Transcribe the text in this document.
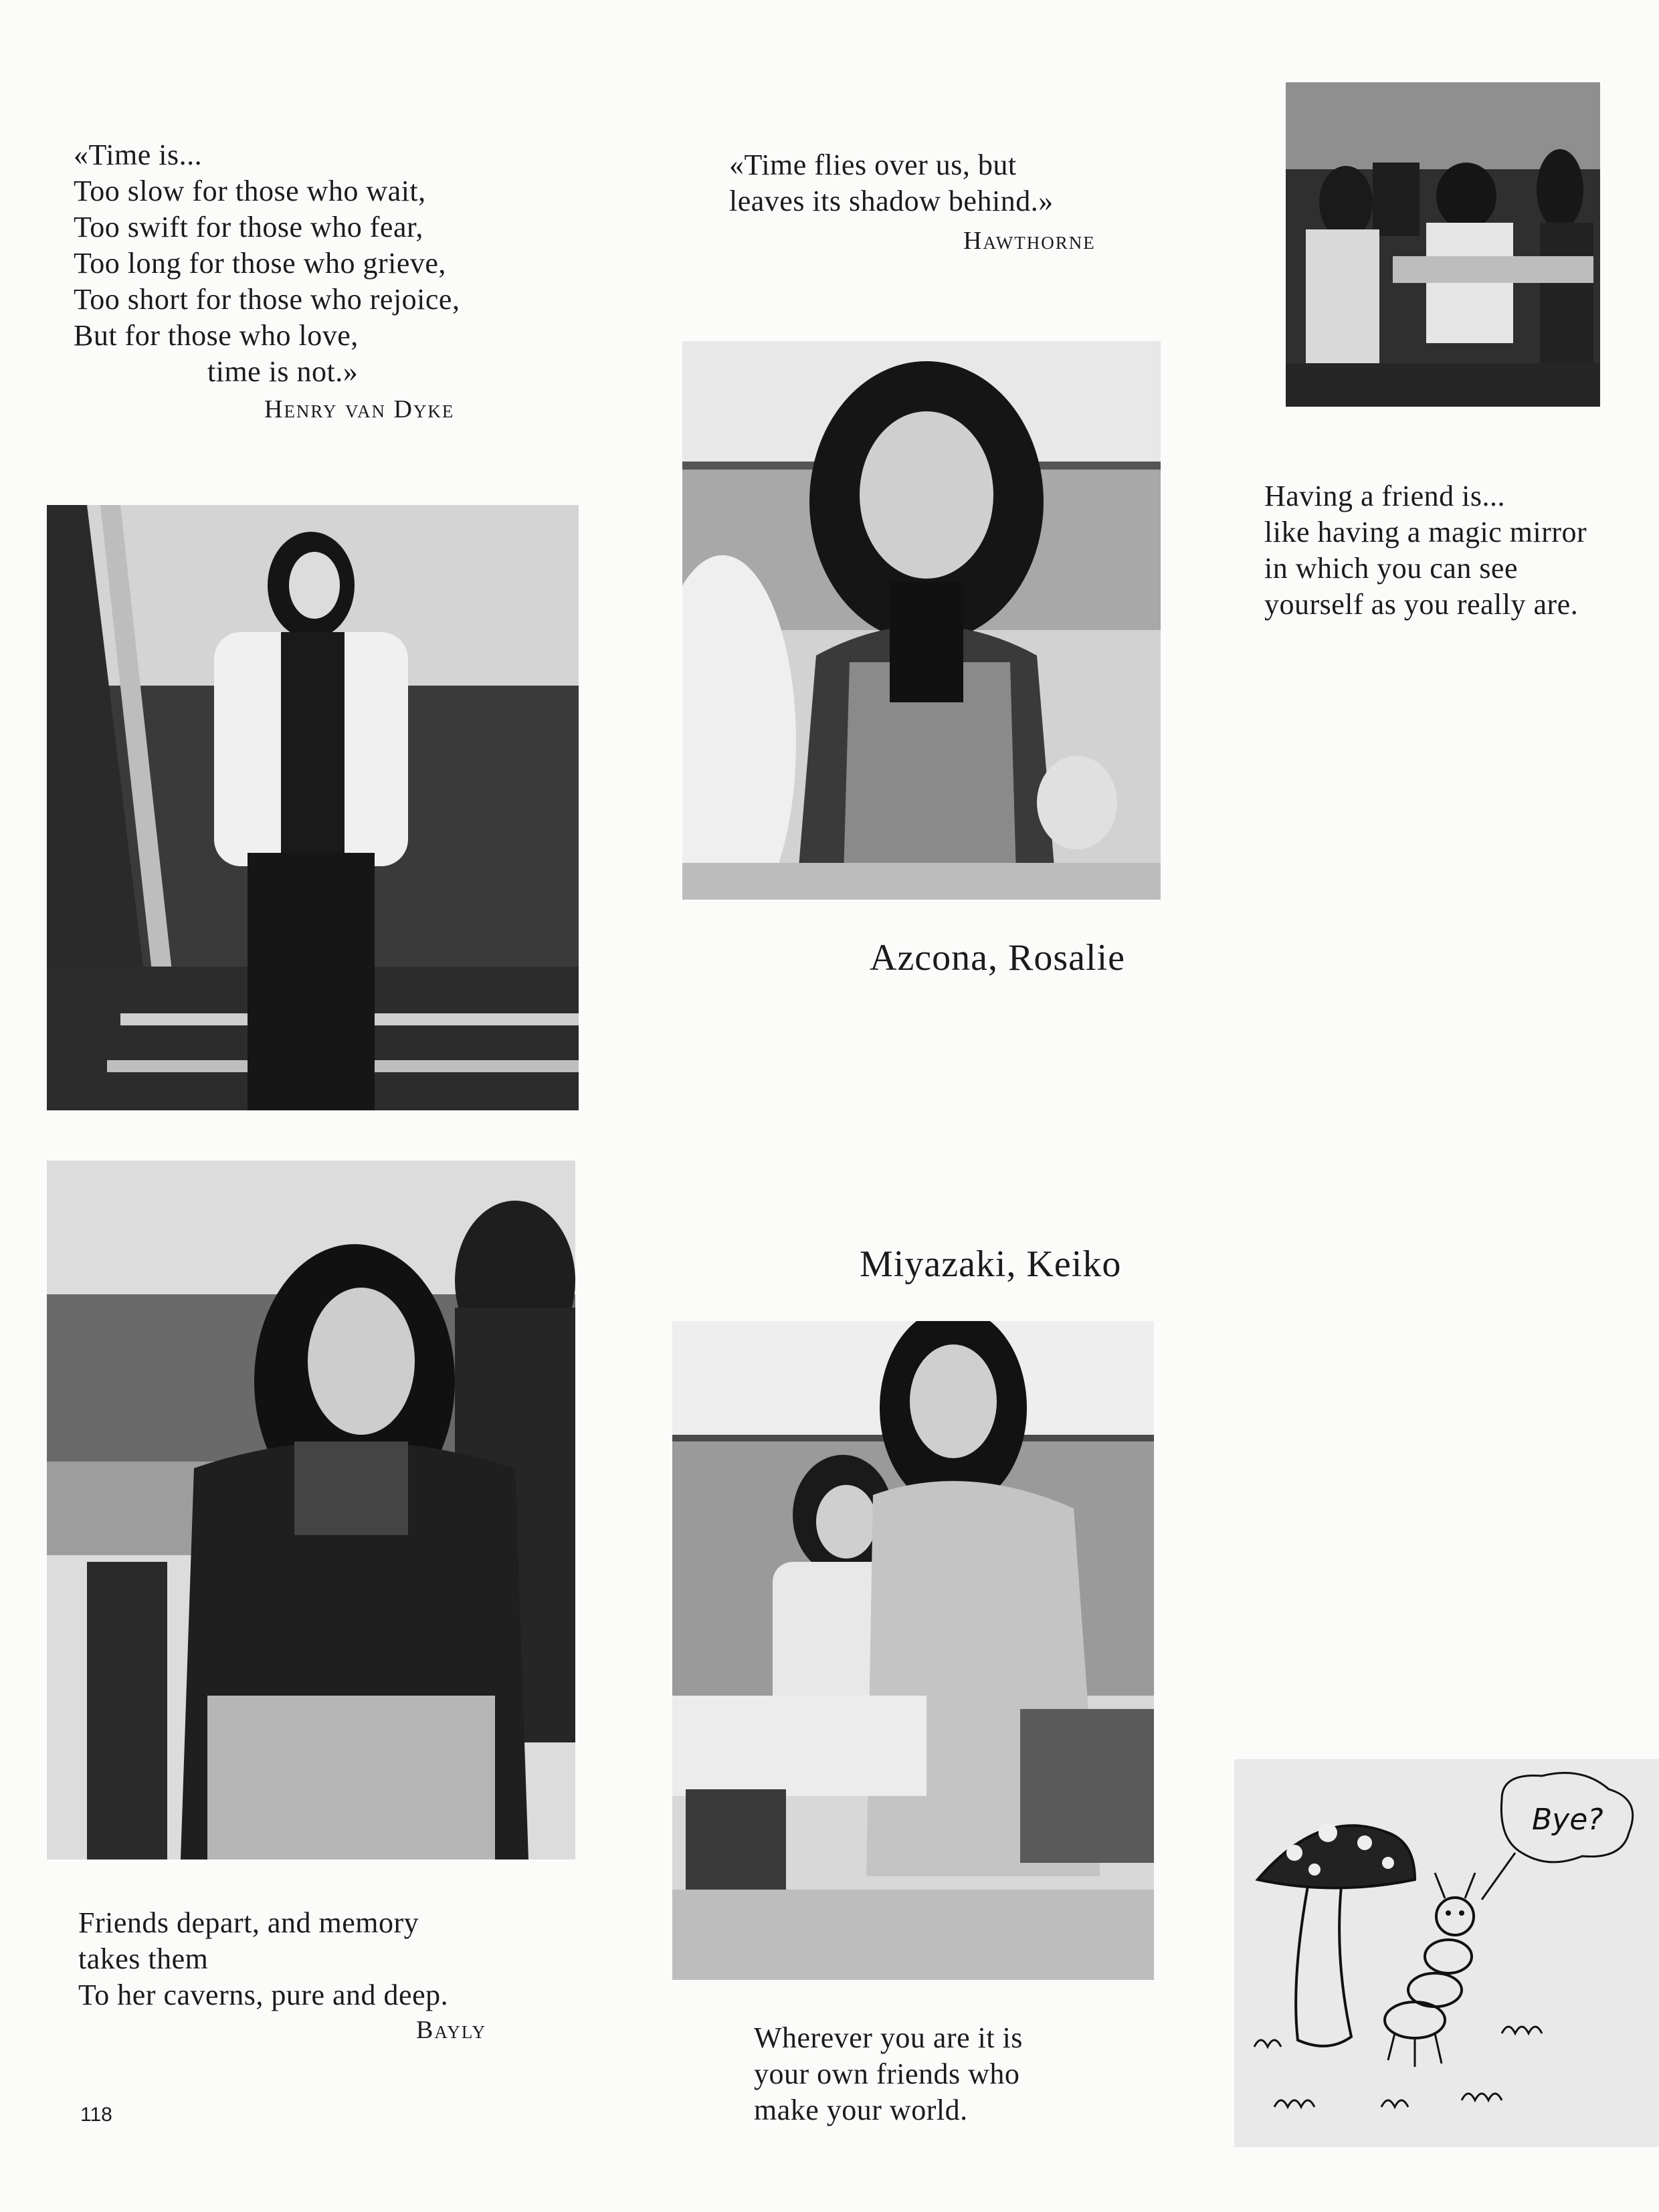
«Time is...
Too slow for those who wait,
Too swift for those who fear,
Too long for those who grieve,
Too short for those who rejoice,
But for those who love,
time is not.»
Henry van Dyke
«Time flies over us, but
leaves its shadow behind.»
Hawthorne
Having a friend is...
like having a magic mirror
in which you can see
yourself as you really are.
Azcona, Rosalie
Miyazaki, Keiko
Friends depart, and memory
takes them
To her caverns, pure and deep.
Bayly	Wherever you are it is
your own friends who
make your world.
Bye?
118
